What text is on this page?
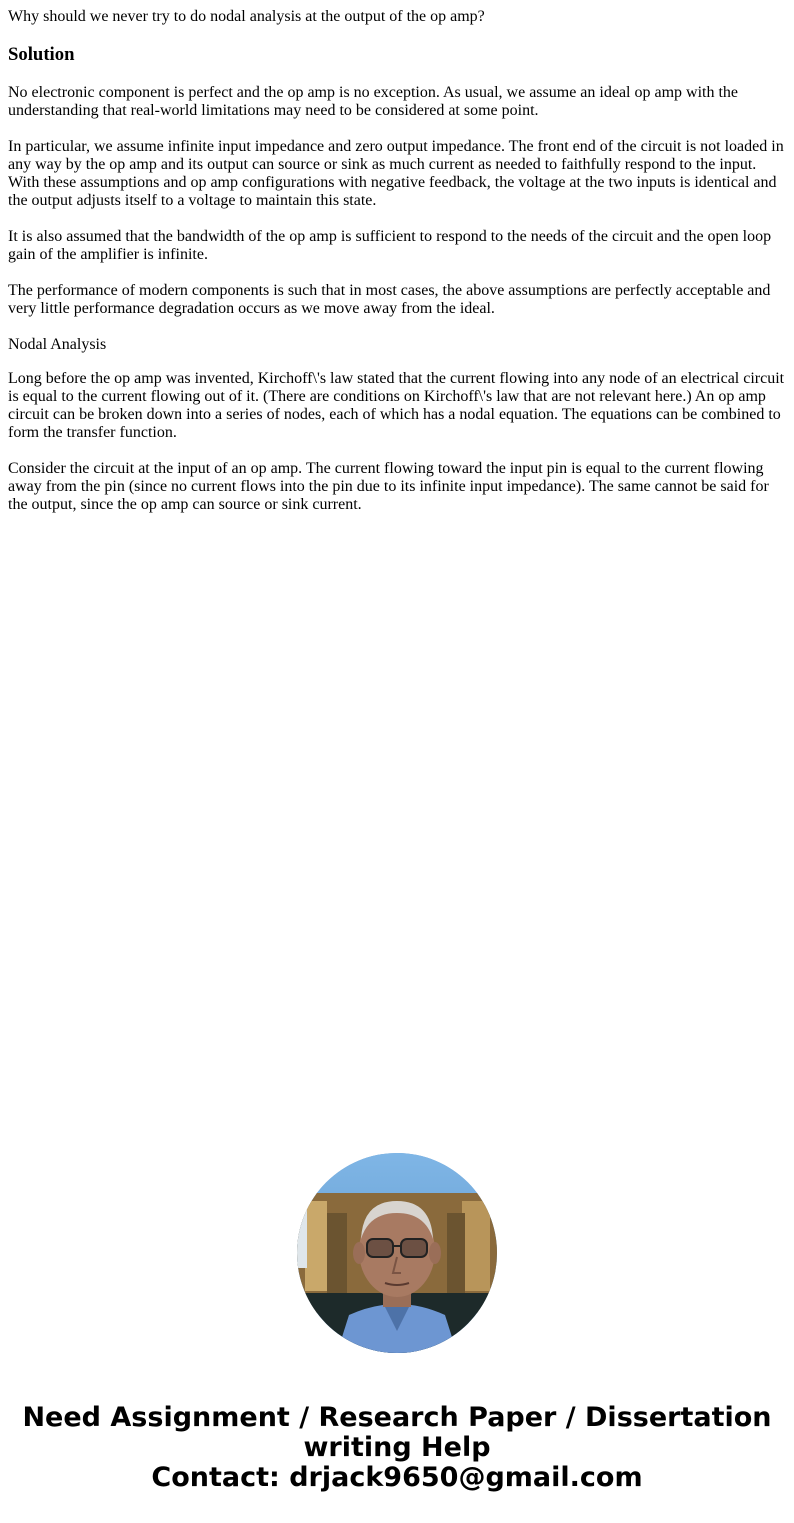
Why should we never try to do nodal analysis at the output of the op amp?
Solution
No electronic component is perfect and the op amp is no exception. As usual, we assume an ideal op amp with the understanding that real-world limitations may need to be considered at some point.
In particular, we assume infinite input impedance and zero output impedance. The front end of the circuit is not loaded in any way by the op amp and its output can source or sink as much current as needed to faithfully respond to the input. With these assumptions and op amp configurations with negative feedback, the voltage at the two inputs is identical and the output adjusts itself to a voltage to maintain this state.
It is also assumed that the bandwidth of the op amp is sufficient to respond to the needs of the circuit and the open loop gain of the amplifier is infinite.
The performance of modern components is such that in most cases, the above assumptions are perfectly acceptable and very little performance degradation occurs as we move away from the ideal.
Nodal Analysis
Long before the op amp was invented, Kirchoff\'s law stated that the current flowing into any node of an electrical circuit is equal to the current flowing out of it. (There are conditions on Kirchoff\'s law that are not relevant here.) An op amp circuit can be broken down into a series of nodes, each of which has a nodal equation. The equations can be combined to form the transfer function.
Consider the circuit at the input of an op amp. The current flowing toward the input pin is equal to the current flowing away from the pin (since no current flows into the pin due to its infinite input impedance). The same cannot be said for the output, since the op amp can source or sink current.
Need Assignment / Research Paper / Dissertation
writing Help
Contact: drjack9650@gmail.com
